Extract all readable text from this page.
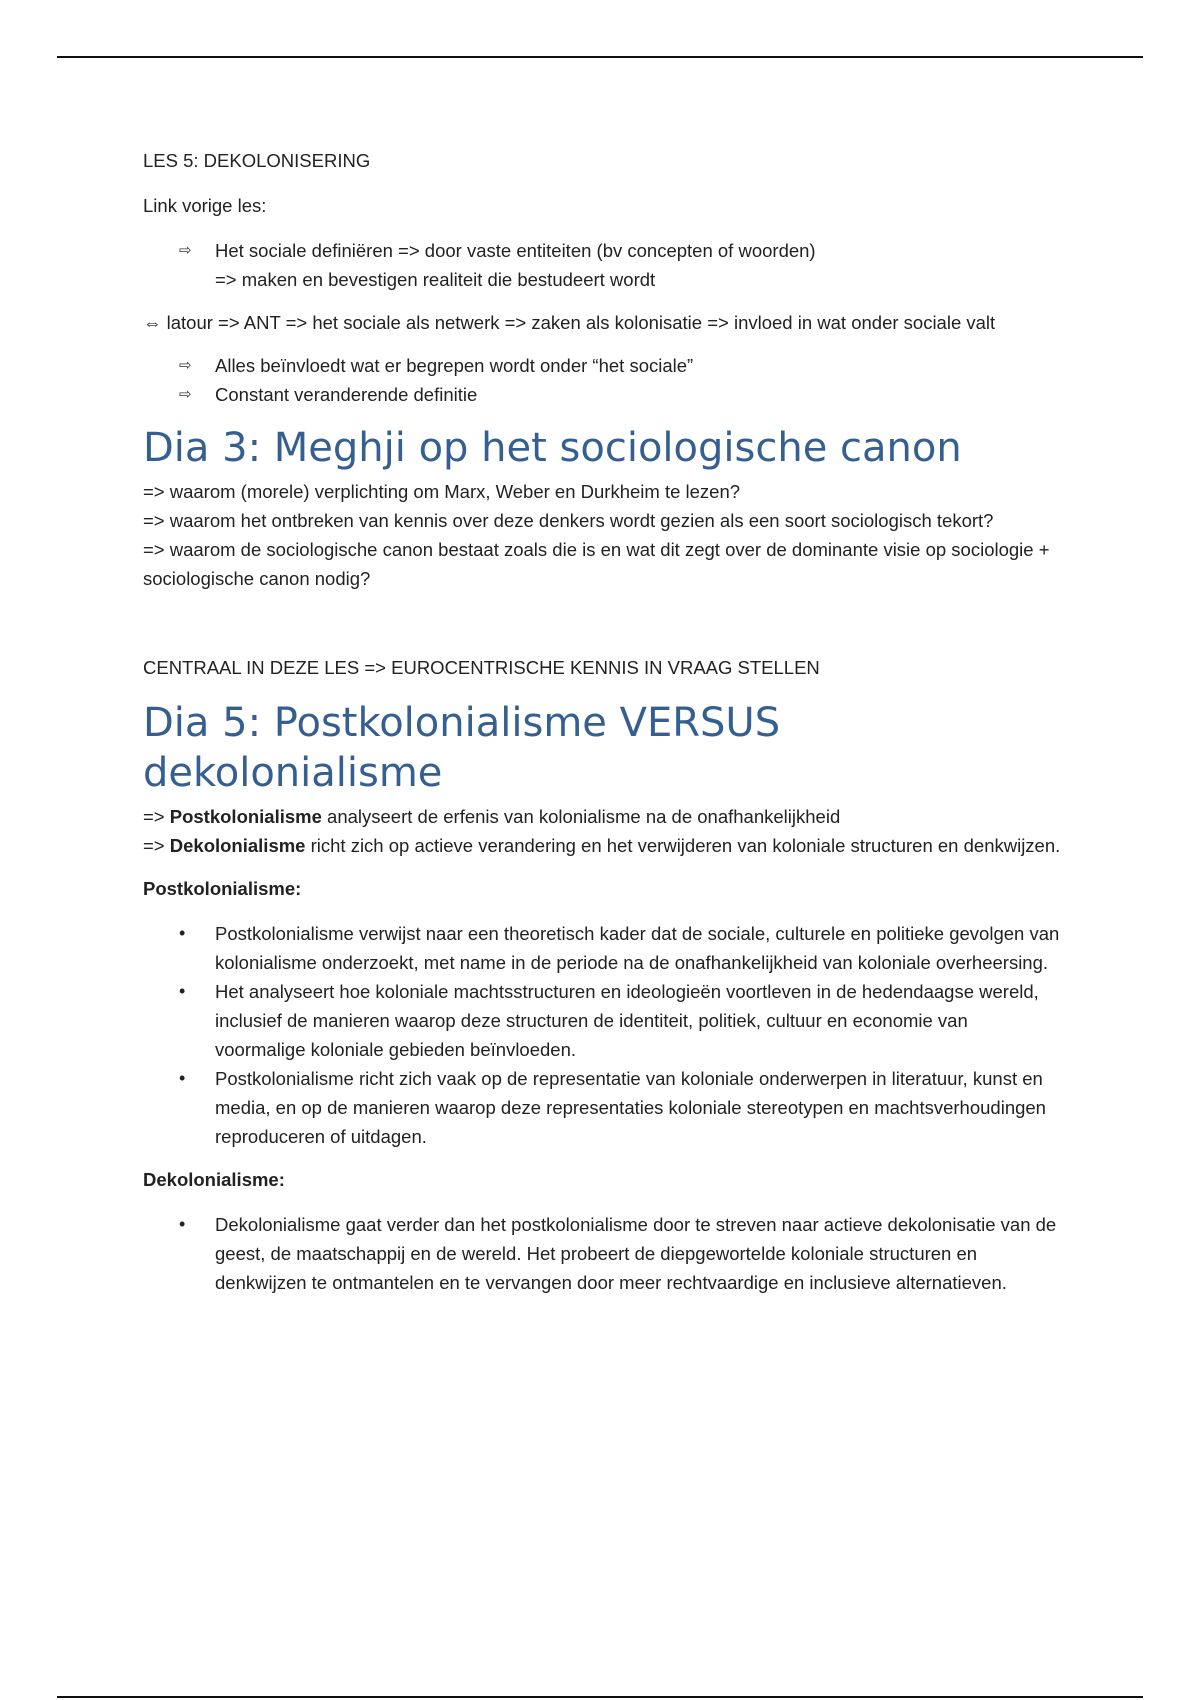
LES 5: DEKOLONISERING

Link vorige les:

⇨ Het sociale definiëren => door vaste entiteiten (bv concepten of woorden)
=> maken en bevestigen realiteit die bestudeert wordt

⇔ latour => ANT => het sociale als netwerk => zaken als kolonisatie => invloed in wat onder sociale valt

⇨ Alles beïnvloedt wat er begrepen wordt onder “het sociale”
⇨ Constant veranderende definitie
Dia 3: Meghji op het sociologische canon

=> waarom (morele) verplichting om Marx, Weber en Durkheim te lezen?

=> waarom het ontbreken van kennis over deze denkers wordt gezien als een soort sociologisch tekort?

=> waarom de sociologische canon bestaat zoals die is en wat dit zegt over de dominante visie op sociologie + sociologische canon nodig?

CENTRAAL IN DEZE LES => EUROCENTRISCHE KENNIS IN VRAAG STELLEN

Dia 5: Postkolonialisme VERSUS dekolonialisme

=> Postkolonialisme analyseert de erfenis van kolonialisme na de onafhankelijkheid

=> Dekolonialisme richt zich op actieve verandering en het verwijderen van koloniale structuren en denkwijzen.

Postkolonialisme:

• Postkolonialisme verwijst naar een theoretisch kader dat de sociale, culturele en politieke gevolgen van kolonialisme onderzoekt, met name in de periode na de onafhankelijkheid van koloniale overheersing.
• Het analyseert hoe koloniale machtsstructuren en ideologieën voortleven in de hedendaagse wereld, inclusief de manieren waarop deze structuren de identiteit, politiek, cultuur en economie van voormalige koloniale gebieden beïnvloeden.
• Postkolonialisme richt zich vaak op de representatie van koloniale onderwerpen in literatuur, kunst en media, en op de manieren waarop deze representaties koloniale stereotypen en machtsverhoudingen reproduceren of uitdagen.

Dekolonialisme:

• Dekolonialisme gaat verder dan het postkolonialisme door te streven naar actieve dekolonisatie van de geest, de maatschappij en de wereld. Het probeert de diepgewortelde koloniale structuren en denkwijzen te ontmantelen en te vervangen door meer rechtvaardige en inclusieve alternatieven.
